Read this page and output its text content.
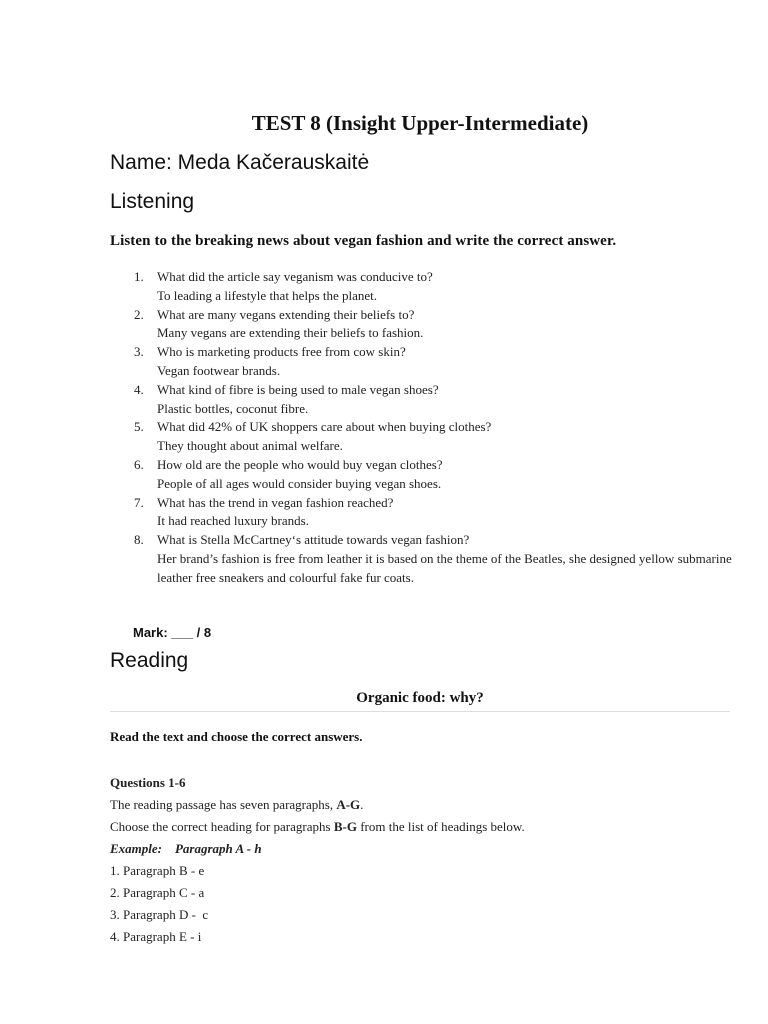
TEST 8 (Insight Upper-Intermediate)
Name: Meda Kačerauskaitė
Listening
Listen to the breaking news about vegan fashion and write the correct answer.
1. What did the article say veganism was conducive to?
To leading a lifestyle that helps the planet.
2. What are many vegans extending their beliefs to?
Many vegans are extending their beliefs to fashion.
3. Who is marketing products free from cow skin?
Vegan footwear brands.
4. What kind of fibre is being used to male vegan shoes?
Plastic bottles, coconut fibre.
5. What did 42% of UK shoppers care about when buying clothes?
They thought about animal welfare.
6. How old are the people who would buy vegan clothes?
People of all ages would consider buying vegan shoes.
7. What has the trend in vegan fashion reached?
It had reached luxury brands.
8. What is Stella McCartney‘s attitude towards vegan fashion?
Her brand’s fashion is free from leather it is based on the theme of the Beatles, she designed yellow submarine leather free sneakers and colourful fake fur coats.
Mark: ___ / 8
Reading
Organic food: why?
Read the text and choose the correct answers.
Questions 1-6
The reading passage has seven paragraphs, A-G.
Choose the correct heading for paragraphs B-G from the list of headings below.
Example:    Paragraph A - h
1. Paragraph B - e
2. Paragraph C - a
3. Paragraph D -  c
4. Paragraph E - i
